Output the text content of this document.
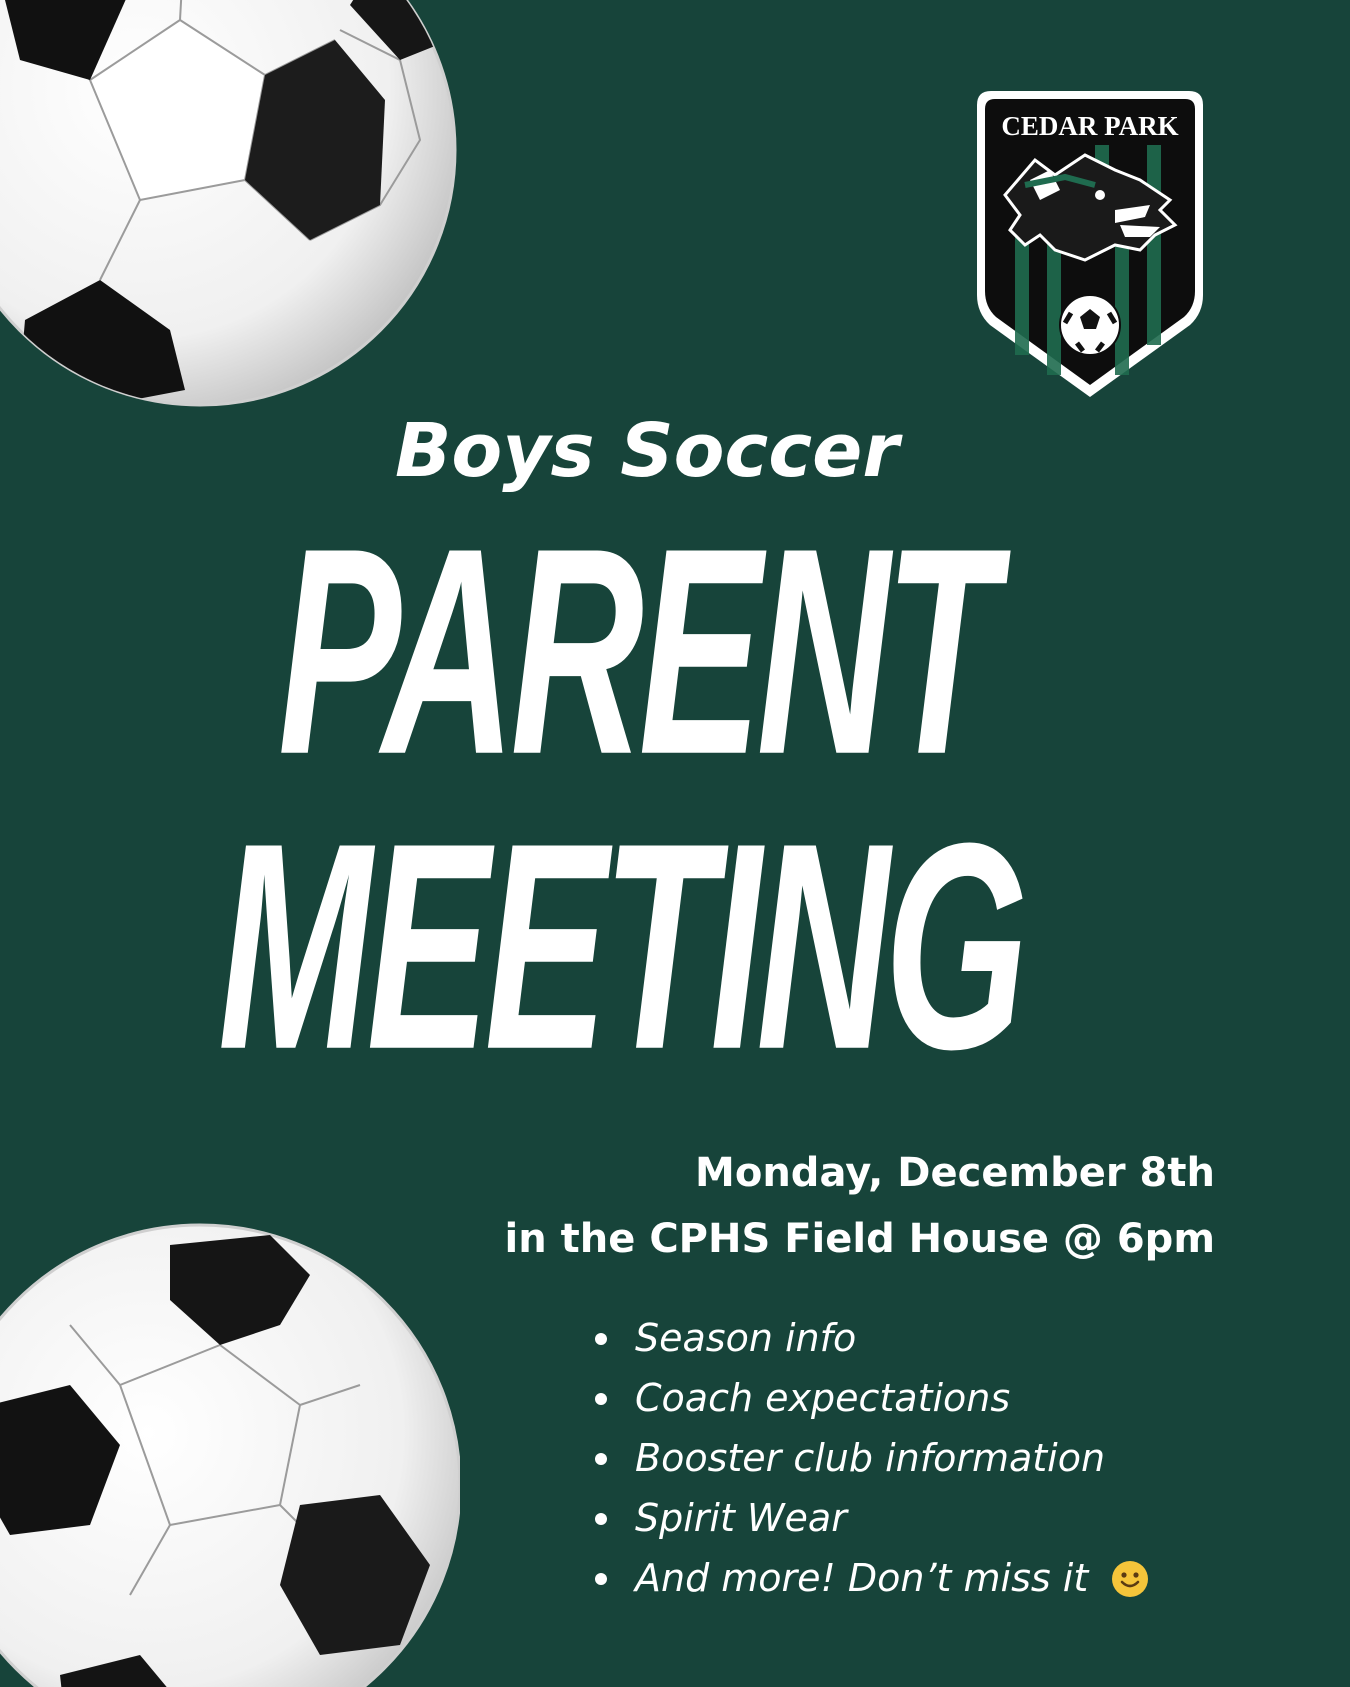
CEDAR PARK
Boys Soccer
PARENT
MEETING
Monday, December 8th
in the CPHS Field House @ 6pm
Season info
Coach expectations
Booster club information
Spirit Wear
And more! Don’t miss it
